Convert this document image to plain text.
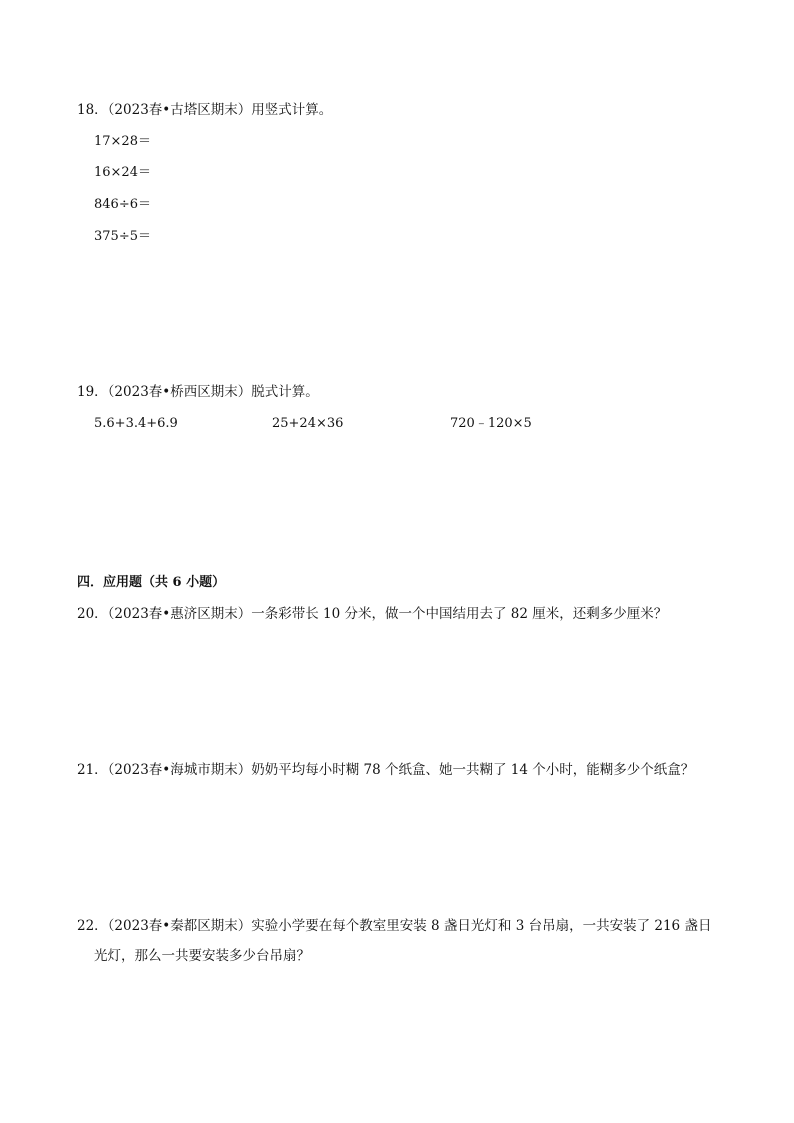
18．（2023春•古塔区期末）用竖式计算。
17×28＝
16×24＝
846÷6＝
375÷5＝
19．（2023春•桥西区期末）脱式计算。
5.6+3.4+6.9	25+24×36	720﹣120×5
四．应用题（共 6 小题）
20．（2023春•惠济区期末）一条彩带长 10 分米，做一个中国结用去了 82 厘米，还剩多少厘米？
21．（2023春•海城市期末）奶奶平均每小时糊 78 个纸盒、她一共糊了 14 个小时，能糊多少个纸盒？
22．（2023春•秦都区期末）实验小学要在每个教室里安装 8 盏日光灯和 3 台吊扇，一共安装了 216 盏日
光灯，那么一共要安装多少台吊扇？
